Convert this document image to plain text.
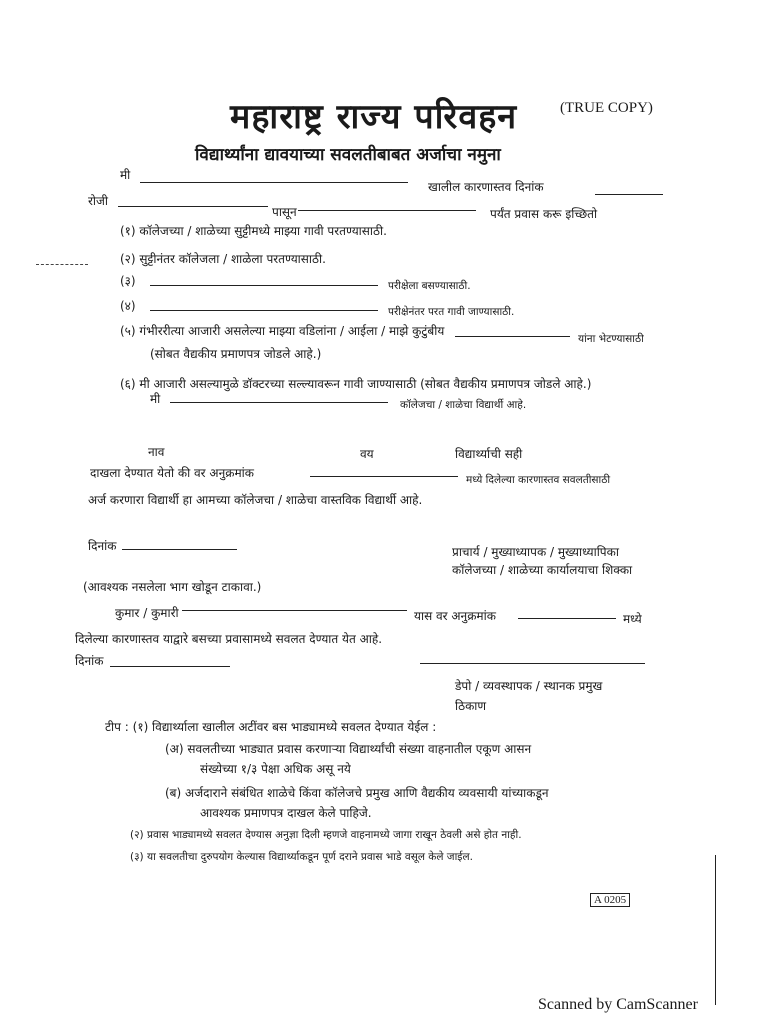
महाराष्ट्र राज्य परिवहन	(TRUE COPY)
विद्यार्थ्यांना द्यावयाच्या सवलतीबाबत अर्जाचा नमुना
मी
खालील कारणास्तव दिनांक
रोजी
पासून	पर्यंत प्रवास करू इच्छितो
(१) कॉलेजच्या / शाळेच्या सुट्टीमध्ये माझ्या गावी परतण्यासाठी.
(२) सुट्टीनंतर कॉलेजला / शाळेला परतण्यासाठी.
(३)	परीक्षेला बसण्यासाठी.
(४)	परीक्षेनंतर परत गावी जाण्यासाठी.
(५) गंभीररीत्या आजारी असलेल्या माझ्या वडिलांना / आईला / माझे कुटुंबीय
यांना भेटण्यासाठी
(सोबत वैद्यकीय प्रमाणपत्र जोडले आहे.)
(६) मी आजारी असल्यामुळे डॉक्टरच्या सल्ल्यावरून गावी जाण्यासाठी (सोबत वैद्यकीय प्रमाणपत्र जोडले आहे.)
मी	कॉलेजचा / शाळेचा विद्यार्थी आहे.
नाव	वय	विद्यार्थ्याची सही
दाखला देण्यात येतो की वर अनुक्रमांक	मध्ये दिलेल्या कारणास्तव सवलतीसाठी
अर्ज करणारा विद्यार्थी हा आमच्या कॉलेजचा / शाळेचा वास्तविक विद्यार्थी आहे.
दिनांक	प्राचार्य / मुख्याध्यापक / मुख्याध्यापिका
कॉलेजच्या / शाळेच्या कार्यालयाचा शिक्का
(आवश्यक नसलेला भाग खोडून टाकावा.)
कुमार / कुमारी	यास वर अनुक्रमांक	मध्ये
दिलेल्या कारणास्तव याद्वारे बसच्या प्रवासामध्ये सवलत देण्यात येत आहे.
दिनांक
डेपो / व्यवस्थापक / स्थानक प्रमुख
ठिकाण
टीप : (१) विद्यार्थ्याला खालील अटींवर बस भाड्यामध्ये सवलत देण्यात येईल :
(अ) सवलतीच्या भाड्यात प्रवास करणाऱ्या विद्यार्थ्यांची संख्या वाहनातील एकूण आसन
संख्येच्या १/३ पेक्षा अधिक असू नये
(ब) अर्जदाराने संबंधित शाळेचे किंवा कॉलेजचे प्रमुख आणि वैद्यकीय व्यवसायी यांच्याकडून
आवश्यक प्रमाणपत्र दाखल केले पाहिजे.
(२) प्रवास भाड्यामध्ये सवलत देण्यास अनुज्ञा दिली म्हणजे वाहनामध्ये जागा राखून ठेवली असे होत नाही.
(३) या सवलतीचा दुरुपयोग केल्यास विद्यार्थ्याकडून पूर्ण दराने प्रवास भाडे वसूल केले जाईल.
A 0205
Scanned by CamScanner
